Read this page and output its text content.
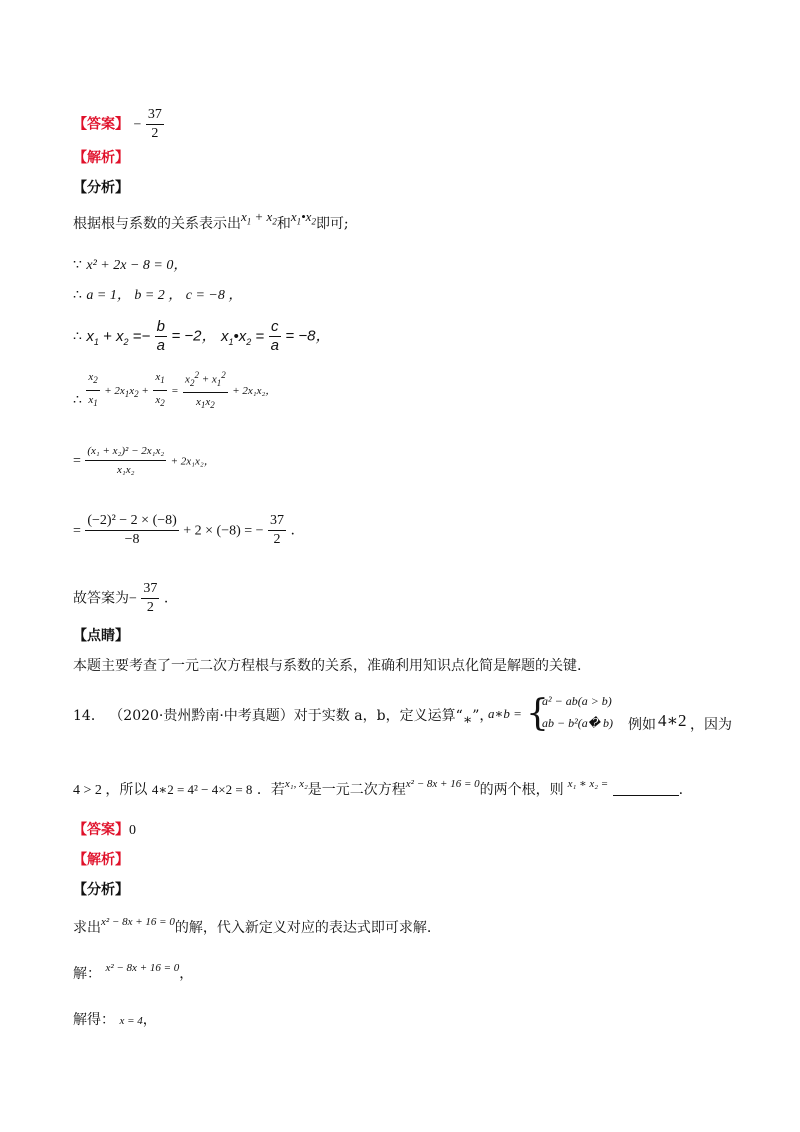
【答案】 − $\frac{37}{2}$
【解析】
【分析】
根据根与系数的关系表示出$x_1 + x_2$和$x_1•x_2$即可;
∵ x² + 2x − 8 = 0，
∴ a = 1， b = 2 ， c = −8 ，
∴ $x_1 + x_2 =- \frac{b}{a} = -2$， $x_1•x_2 = \frac{c}{a} = -8$，
∴ $\frac{x_2}{x_1} + 2x_1x_2 + \frac{x_1}{x_2} = \frac{x_2^2 + x_1^2}{x_1x_2} + 2x_1x_2$，
= $\frac{\text{(x₁ + x₂)² − 2x₁x₂}}{\text{x₁x₂}} + 2x_1x_2$，
= $\frac{\text{(−2)² − 2 × (−8)}}{-8} + 2 \times (-8)$ = − $\frac{37}{2}$ .
故答案为− $\frac{37}{2}$ .
【点睛】
本题主要考查了一元二次方程根与系数的关系，准确利用知识点化简是解题的关键.
14． （2020·贵州黔南·中考真题）对于实数 a，b，定义运算“∗”，
a∗b = {
a² − ab(a > b)
ab − b²(a� b) 例如 4∗2 ，因为
4 > 2 ，所以 4∗2 = 4² − 4×2 = 8 ．若$^{x_1, x_2}$是一元二次方程$^{x^2 - 8x + 16 = 0}$的两个根，则 $^{x_1 ∗ x_2 =}$	.
【答案】0
【解析】
【分析】
求出$^{x^2 - 8x + 16 = 0}$的解，代入新定义对应的表达式即可求解.
解： $^{x^2 - 8x + 16 = 0}$，
解得： x = 4，
